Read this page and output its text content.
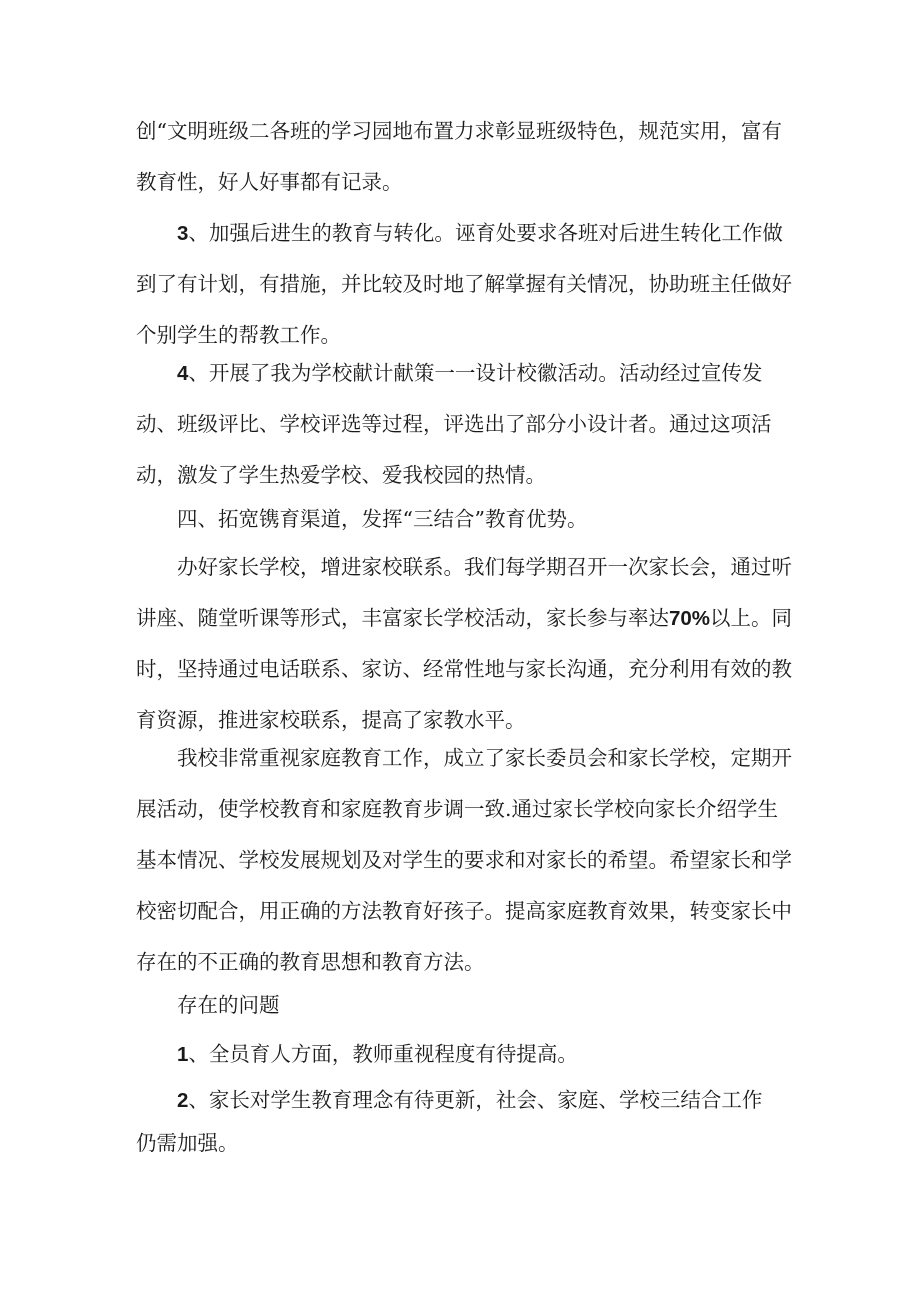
创“文明班级二各班的学习园地布置力求彰显班级特色，规范实用，富有教育性，好人好事都有记录。

3、加强后进生的教育与转化。诬育处要求各班对后进生转化工作做到了有计划，有措施，并比较及时地了解掌握有关情况，协助班主任做好个别学生的帮教工作。

4、开展了我为学校献计献策一一设计校徽活动。活动经过宣传发动、班级评比、学校评选等过程，评选出了部分小设计者。通过这项活动，激发了学生热爱学校、爱我校园的热情。

四、拓宽镌育渠道，发挥“三结合”教育优势。

办好家长学校，增进家校联系。我们每学期召开一次家长会，通过听讲座、随堂听课等形式，丰富家长学校活动，家长参与率达70%以上。同时，坚持通过电话联系、家访、经常性地与家长沟通，充分利用有效的教育资源，推进家校联系，提高了家教水平。

我校非常重视家庭教育工作，成立了家长委员会和家长学校，定期开展活动，使学校教育和家庭教育步调一致.通过家长学校向家长介绍学生基本情况、学校发展规划及对学生的要求和对家长的希望。希望家长和学校密切配合，用正确的方法教育好孩子。提高家庭教育效果，转变家长中存在的不正确的教育思想和教育方法。

存在的问题

1、全员育人方面，教师重视程度有待提高。

2、家长对学生教育理念有待更新，社会、家庭、学校三结合工作

仍需加强。
